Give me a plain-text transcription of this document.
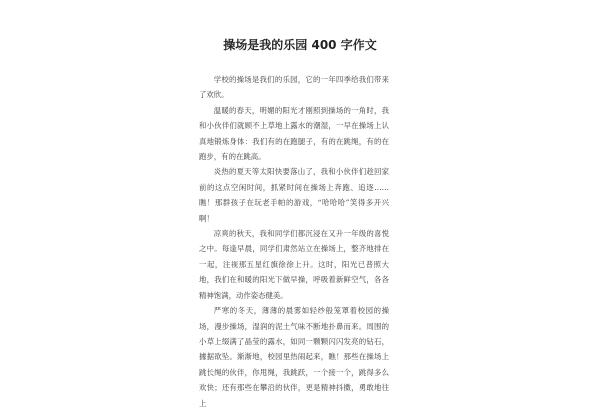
操场是我的乐园 400 字作文

学校的操场是我们的乐园，它的一年四季给我们带来了欢欣。

温暖的春天，明媚的阳光才刚照到操场的一角时，我和小伙伴们就顾不上草地上露水的潮湿，一早在操场上认真地锻炼身体：我们有的在跑腿子，有的在跳绳，有的在跑步，有的在跳高。

炎热的夏天等太阳快要落山了，我和小伙伴们趁回家前的这点空闲时间，抓紧时间在操场上奔跑、追逐……瞧！那群孩子在玩老手帕的游戏，“哈哈哈”笑得多开兴啊！

凉爽的秋天，我和同学们都沉浸在又升一年级的喜悦之中。每逢早晨，同学们肃然站立在操场上，整齐地排在一起，注视那五星红旗徐徐上升。这时，阳光已普照大地，我们在和暖的阳光下做早操，呼吸着新鲜空气，各各精神饱满，动作姿态健美。

严寒的冬天，薄薄的晨雾如轻纱般笼罩着校园的操场，漫步操场，湿润的泥土气味不断地扑鼻而来。周围的小草上缀满了晶莹的露水，如同一颗颗闪闪发亮的钻石，據据欲坠。渐渐地，校园里热闹起来，瞧！那些在操场上跳长绳的伙伴，你甩绳，我跳跃，一个接一个，跳得多么欢快；还有那些在攀沿的伙伴，更是精神抖擞，勇敢地往上
